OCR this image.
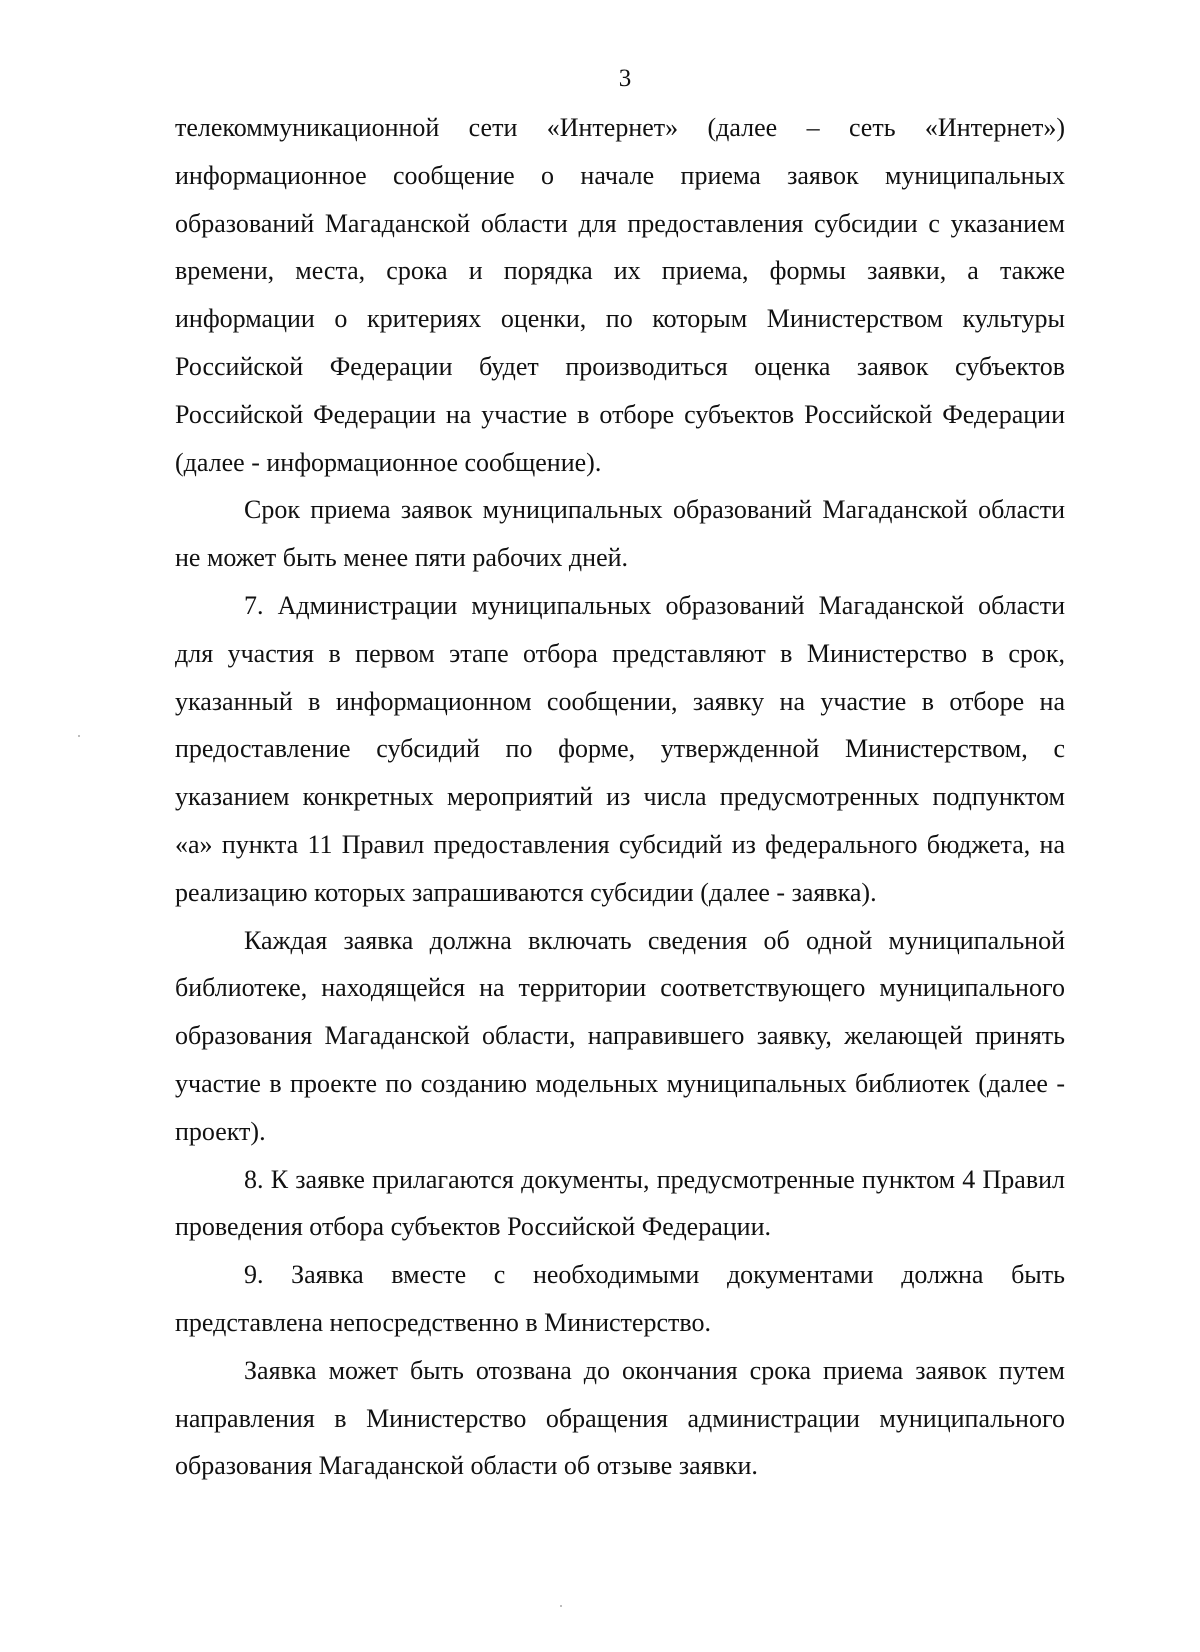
3

телекоммуникационной сети «Интернет» (далее – сеть «Интернет») информационное сообщение о начале приема заявок муниципальных образований Магаданской области для предоставления субсидии с указанием времени, места, срока и порядка их приема, формы заявки, а также информации о критериях оценки, по которым Министерством культуры Российской Федерации будет производиться оценка заявок субъектов Российской Федерации на участие в отборе субъектов Российской Федерации (далее - информационное сообщение).

Срок приема заявок муниципальных образований Магаданской области не может быть менее пяти рабочих дней.

7. Администрации муниципальных образований Магаданской области для участия в первом этапе отбора представляют в Министерство в срок, указанный в информационном сообщении, заявку на участие в отборе на предоставление субсидий по форме, утвержденной Министерством, с указанием конкретных мероприятий из числа предусмотренных подпунктом «а» пункта 11 Правил предоставления субсидий из федерального бюджета, на реализацию которых запрашиваются субсидии (далее - заявка).

Каждая заявка должна включать сведения об одной муниципальной библиотеке, находящейся на территории соответствующего муниципального образования Магаданской области, направившего заявку, желающей принять участие в проекте по созданию модельных муниципальных библиотек (далее - проект).

8. К заявке прилагаются документы, предусмотренные пунктом 4 Правил проведения отбора субъектов Российской Федерации.

9. Заявка вместе с необходимыми документами должна быть представлена непосредственно в Министерство.

Заявка может быть отозвана до окончания срока приема заявок путем направления в Министерство обращения администрации муниципального образования Магаданской области об отзыве заявки.
